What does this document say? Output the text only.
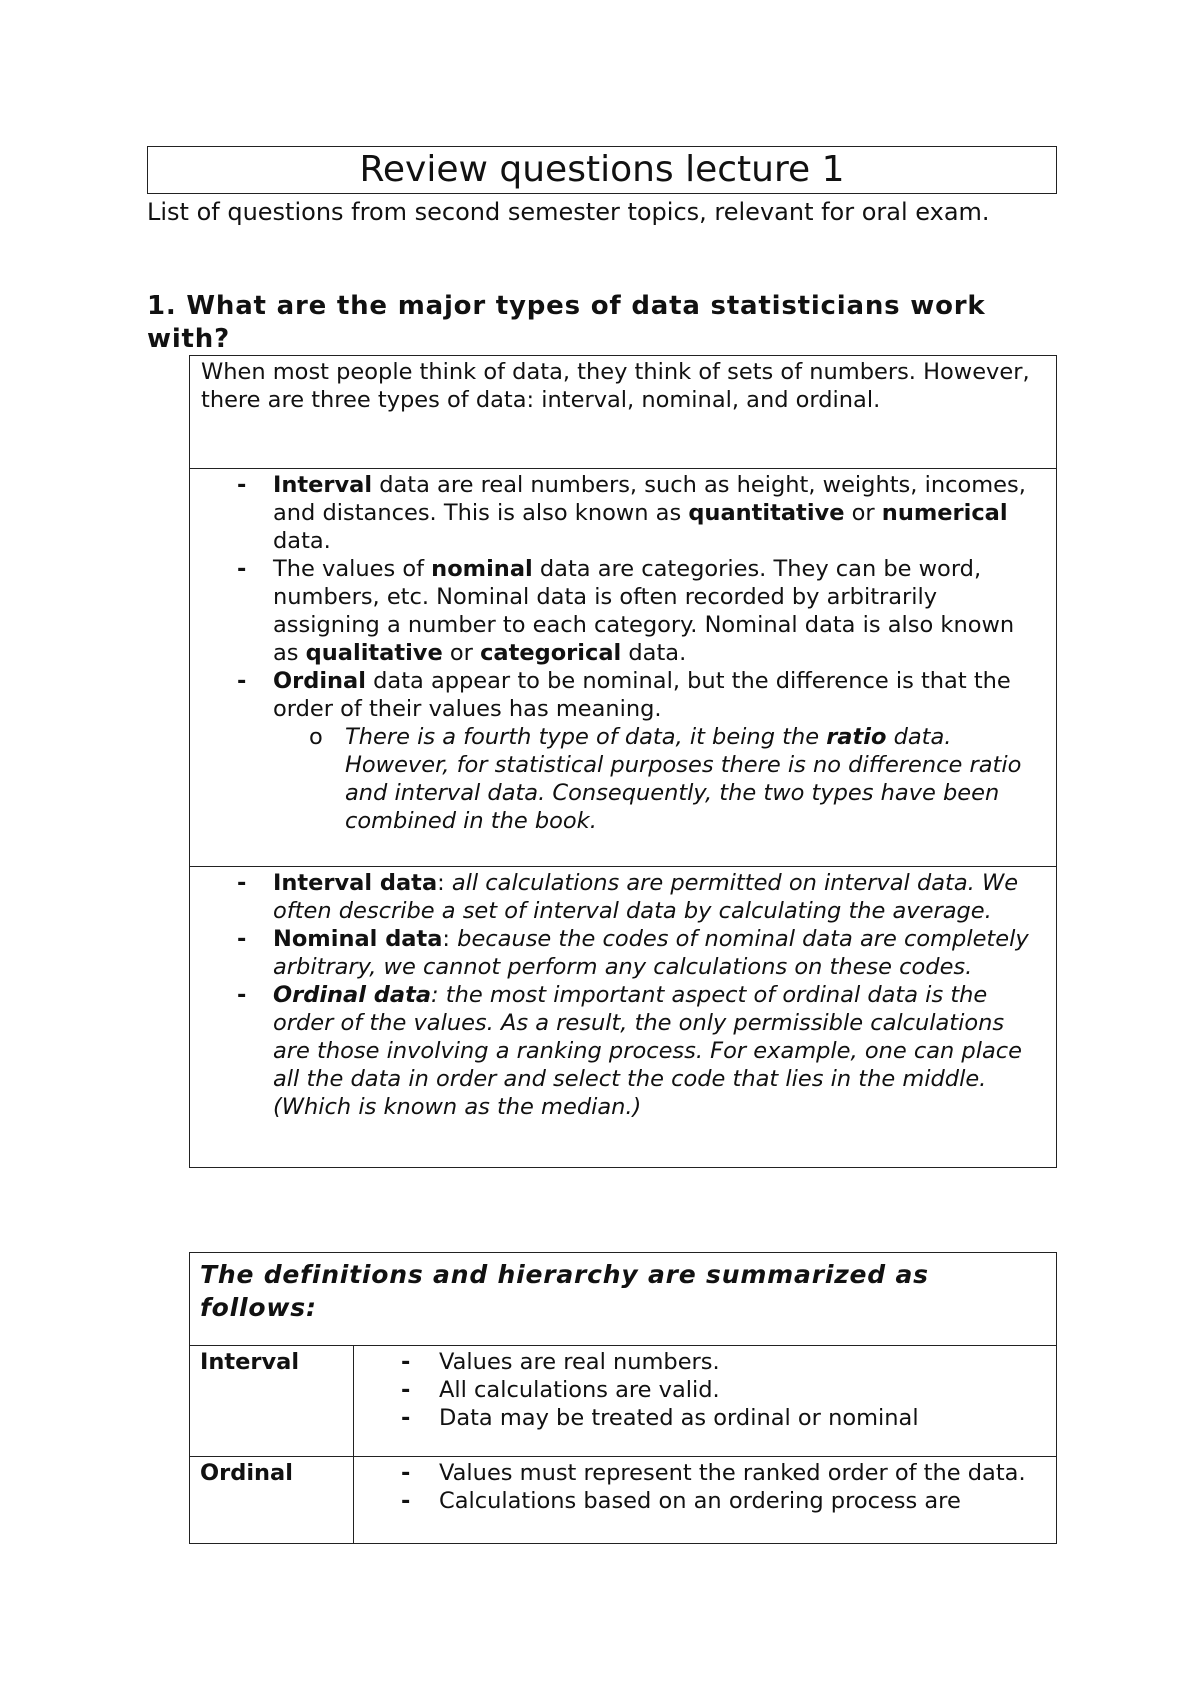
Review questions lecture 1

List of questions from second semester topics, relevant for oral exam.

1. What are the major types of data statisticians work with?
When most people think of data, they think of sets of numbers. However, there are three types of data: interval, nominal, and ordinal.
- Interval data are real numbers, such as height, weights, incomes, and distances. This is also known as quantitative or numerical data.
- The values of nominal data are categories. They can be word, numbers, etc. Nominal data is often recorded by arbitrarily assigning a number to each category. Nominal data is also known as qualitative or categorical data.
- Ordinal data appear to be nominal, but the difference is that the order of their values has meaning.
o There is a fourth type of data, it being the ratio data. However, for statistical purposes there is no difference ratio and interval data. Consequently, the two types have been combined in the book.
- Interval data: all calculations are permitted on interval data. We often describe a set of interval data by calculating the average.
- Nominal data: because the codes of nominal data are completely arbitrary, we cannot perform any calculations on these codes.
- Ordinal data: the most important aspect of ordinal data is the order of the values. As a result, the only permissible calculations are those involving a ranking process. For example, one can place all the data in order and select the code that lies in the middle. (Which is known as the median.)
The definitions and hierarchy are summarized as follows:
Interval	- Values are real numbers.
- All calculations are valid.
- Data may be treated as ordinal or nominal
Ordinal	- Values must represent the ranked order of the data.
- Calculations based on an ordering process are
